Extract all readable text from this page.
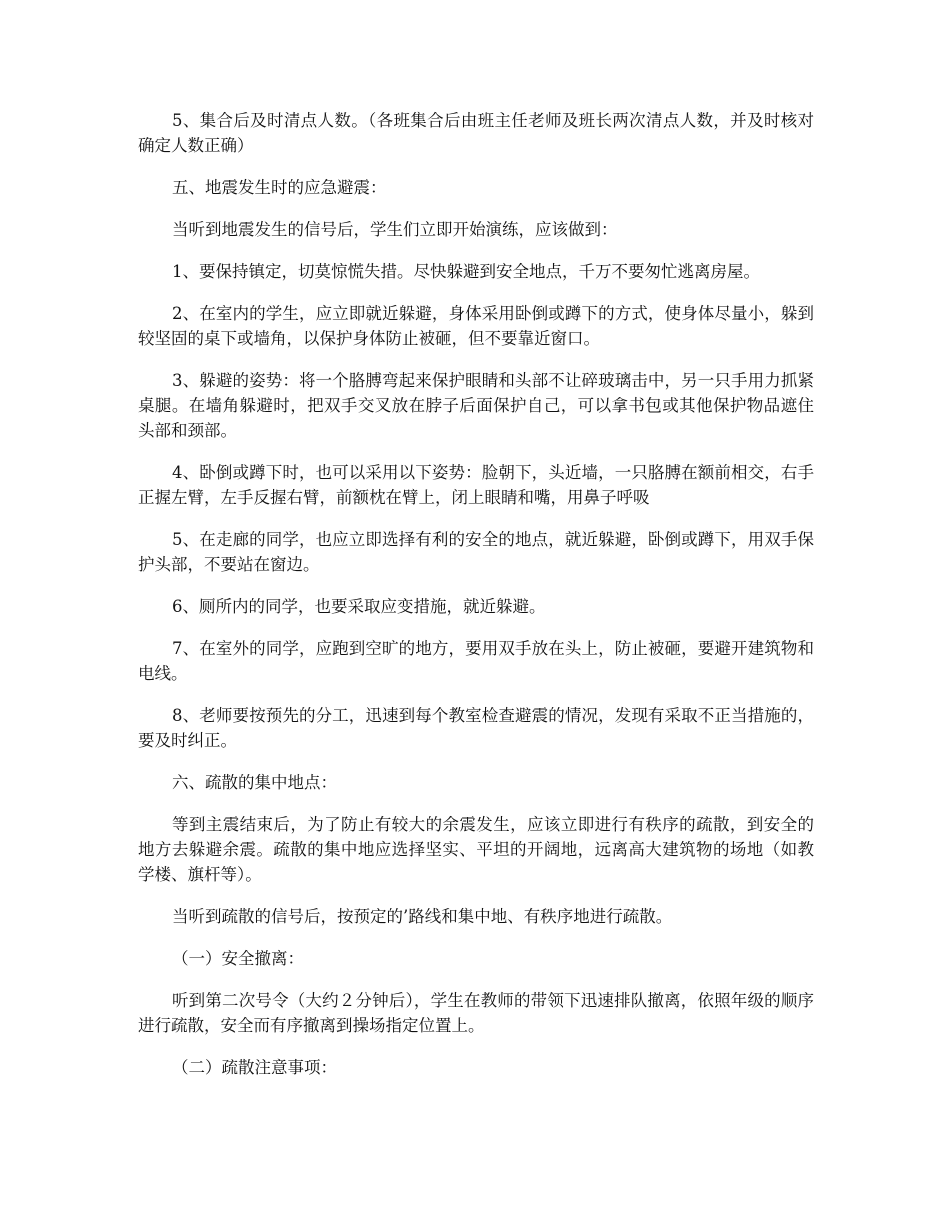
5、集合后及时清点人数。（各班集合后由班主任老师及班长两次清点人数，并及时核对确定人数正确）

五、地震发生时的应急避震：

当听到地震发生的信号后，学生们立即开始演练，应该做到：

1、要保持镇定，切莫惊慌失措。尽快躲避到安全地点，千万不要匆忙逃离房屋。

2、在室内的学生，应立即就近躲避，身体采用卧倒或蹲下的方式，使身体尽量小，躲到较坚固的桌下或墙角，以保护身体防止被砸，但不要靠近窗口。

3、躲避的姿势：将一个胳膊弯起来保护眼睛和头部不让碎玻璃击中，另一只手用力抓紧桌腿。在墙角躲避时，把双手交叉放在脖子后面保护自己，可以拿书包或其他保护物品遮住头部和颈部。

4、卧倒或蹲下时，也可以采用以下姿势：脸朝下，头近墙，一只胳膊在额前相交，右手正握左臂，左手反握右臂，前额枕在臂上，闭上眼睛和嘴，用鼻子呼吸

5、在走廊的同学，也应立即选择有利的安全的地点，就近躲避，卧倒或蹲下，用双手保护头部，不要站在窗边。

6、厕所内的同学，也要采取应变措施，就近躲避。

7、在室外的同学，应跑到空旷的地方，要用双手放在头上，防止被砸，要避开建筑物和电线。

8、老师要按预先的分工，迅速到每个教室检查避震的情况，发现有采取不正当措施的，要及时纠正。

六、疏散的集中地点：

等到主震结束后，为了防止有较大的余震发生，应该立即进行有秩序的疏散，到安全的地方去躲避余震。疏散的集中地应选择坚实、平坦的开阔地，远离高大建筑物的场地（如教学楼、旗杆等）。

当听到疏散的信号后，按预定的’路线和集中地、有秩序地进行疏散。

（一）安全撤离：

听到第二次号令（大约２分钟后），学生在教师的带领下迅速排队撤离，依照年级的顺序进行疏散，安全而有序撤离到操场指定位置上。

（二）疏散注意事项：
